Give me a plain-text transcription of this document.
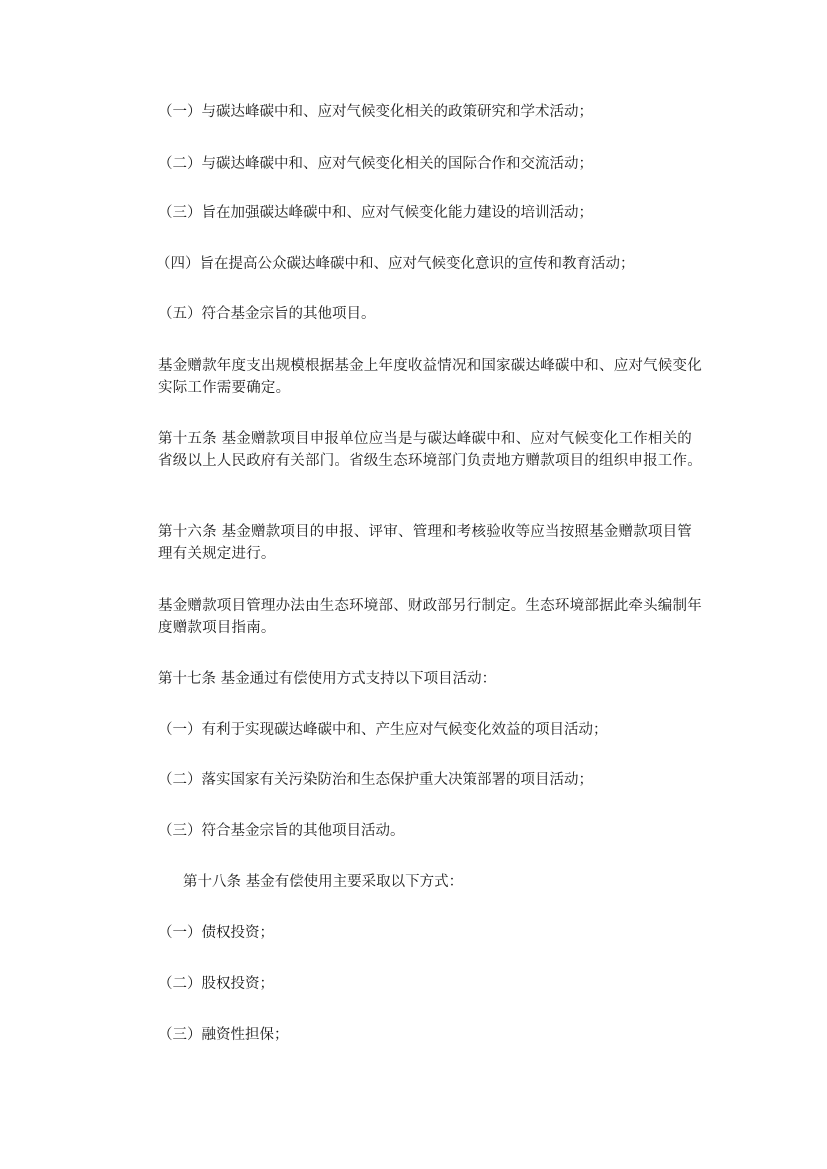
（一）与碳达峰碳中和、应对气候变化相关的政策研究和学术活动；

（二）与碳达峰碳中和、应对气候变化相关的国际合作和交流活动；

（三）旨在加强碳达峰碳中和、应对气候变化能力建设的培训活动；

（四）旨在提高公众碳达峰碳中和、应对气候变化意识的宣传和教育活动；

（五）符合基金宗旨的其他项目。

基金赠款年度支出规模根据基金上年度收益情况和国家碳达峰碳中和、应对气候变化实际工作需要确定。

第十五条 基金赠款项目申报单位应当是与碳达峰碳中和、应对气候变化工作相关的省级以上人民政府有关部门。省级生态环境部门负责地方赠款项目的组织申报工作。

第十六条 基金赠款项目的申报、评审、管理和考核验收等应当按照基金赠款项目管理有关规定进行。

基金赠款项目管理办法由生态环境部、财政部另行制定。生态环境部据此牵头编制年度赠款项目指南。

第十七条 基金通过有偿使用方式支持以下项目活动：

（一）有利于实现碳达峰碳中和、产生应对气候变化效益的项目活动；

（二）落实国家有关污染防治和生态保护重大决策部署的项目活动；

（三）符合基金宗旨的其他项目活动。

第十八条 基金有偿使用主要采取以下方式：

（一）债权投资；

（二）股权投资；

（三）融资性担保；
